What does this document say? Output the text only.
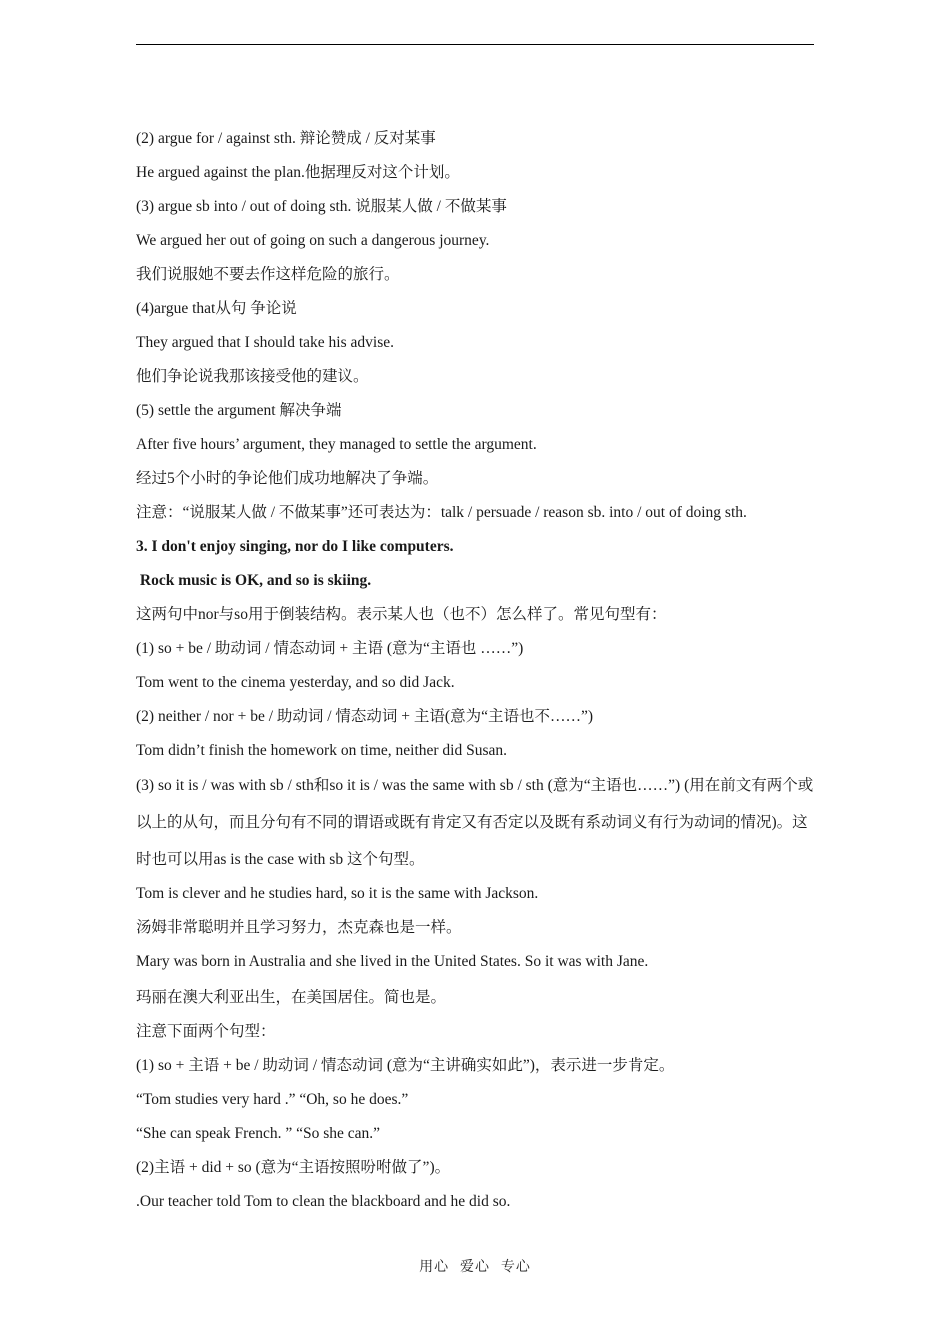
(2) argue for / against sth. 辩论赞成 / 反对某事
He argued against the plan.他据理反对这个计划。
(3) argue sb into / out of doing sth. 说服某人做 / 不做某事
We argued her out of going on such a dangerous journey.
我们说服她不要去作这样危险的旅行。
(4)argue that从句 争论说
They argued that I should take his advise.
他们争论说我那该接受他的建议。
(5) settle the argument 解决争端
After five hours’ argument, they managed to settle the argument.
经过5个小时的争论他们成功地解决了争端。
注意：“说服某人做 / 不做某事”还可表达为：talk / persuade / reason sb. into / out of doing sth.
3. I don't enjoy singing, nor do I like computers.
Rock music is OK, and so is skiing.
这两句中nor与so用于倒装结构。表示某人也（也不）怎么样了。常见句型有：
(1) so + be / 助动词 / 情态动词 + 主语 (意为“主语也 ……”)
Tom went to the cinema yesterday, and so did Jack.
(2) neither / nor + be / 助动词 / 情态动词 + 主语(意为“主语也不……”)
Tom didn’t finish the homework on time, neither did Susan.
(3) so it is / was with sb / sth和so it is / was the same with sb / sth (意为“主语也……”) (用在前文有两个或以上的从句，而且分句有不同的谓语或既有肯定又有否定以及既有系动词义有行为动词的情况)。这时也可以用as is the case with sb 这个句型。
Tom is clever and he studies hard, so it is the same with Jackson.
汤姆非常聪明并且学习努力，杰克森也是一样。
Mary was born in Australia and she lived in the United States. So it was with Jane.
玛丽在澳大利亚出生，在美国居住。简也是。
注意下面两个句型：
(1) so + 主语 + be / 助动词 / 情态动词 (意为“主讲确实如此”)，表示进一步肯定。
“Tom studies very hard .” “Oh, so he does.”
“She can speak French. ” “So she can.”
(2)主语 + did + so (意为“主语按照吩咐做了”)。
.Our teacher told Tom to clean the blackboard and he did so.
用心  爱心  专心
